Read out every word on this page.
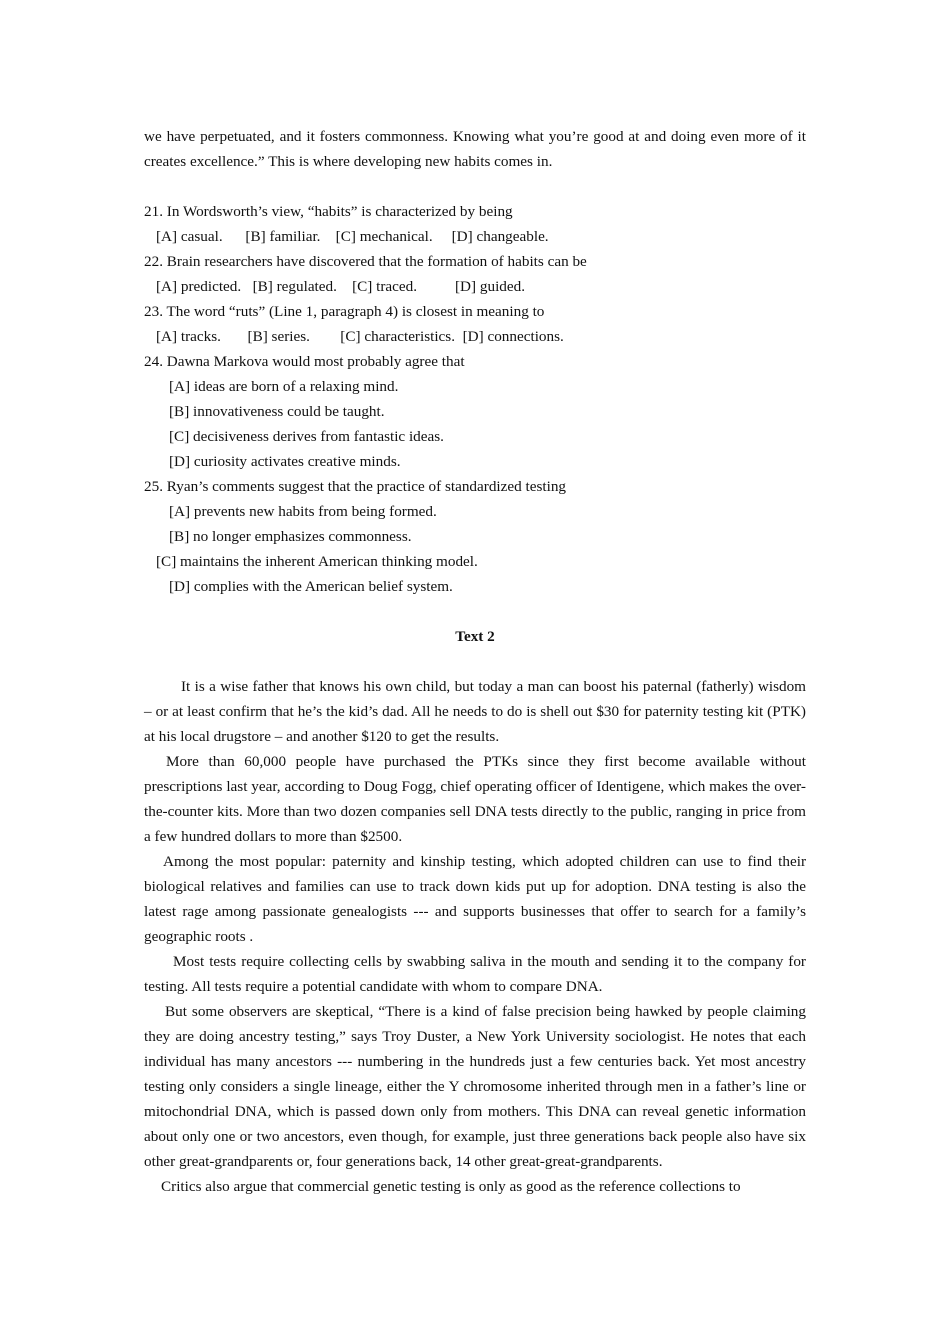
we have perpetuated, and it fosters commonness. Knowing what you’re good at and doing even more of it creates excellence.” This is where developing new habits comes in.

21. In Wordsworth’s view, “habits” is characterized by being

[A] casual.      [B] familiar.    [C] mechanical.     [D] changeable.

22. Brain researchers have discovered that the formation of habits can be

[A] predicted.   [B] regulated.    [C] traced.          [D] guided.

23. The word “ruts” (Line 1, paragraph 4) is closest in meaning to

[A] tracks.       [B] series.        [C] characteristics.  [D] connections.

24. Dawna Markova would most probably agree that

[A] ideas are born of a relaxing mind.

[B] innovativeness could be taught.

[C] decisiveness derives from fantastic ideas.

[D] curiosity activates creative minds.

25. Ryan’s comments suggest that the practice of standardized testing

[A] prevents new habits from being formed.

[B] no longer emphasizes commonness.

[C] maintains the inherent American thinking model.

[D] complies with the American belief system.

Text 2

It is a wise father that knows his own child, but today a man can boost his paternal (fatherly) wisdom – or at least confirm that he’s the kid’s dad. All he needs to do is shell out $30 for paternity testing kit (PTK) at his local drugstore – and another $120 to get the results.

More than 60,000 people have purchased the PTKs since they first become available without prescriptions last year, according to Doug Fogg, chief operating officer of Identigene, which makes the over-the-counter kits. More than two dozen companies sell DNA tests directly to the public, ranging in price from a few hundred dollars to more than $2500.

Among the most popular: paternity and kinship testing, which adopted children can use to find their biological relatives and families can use to track down kids put up for adoption. DNA testing is also the latest rage among passionate genealogists --- and supports businesses that offer to search for a family’s geographic roots .

Most tests require collecting cells by swabbing saliva in the mouth and sending it to the company for testing. All tests require a potential candidate with whom to compare DNA.

But some observers are skeptical, “There is a kind of false precision being hawked by people claiming they are doing ancestry testing,” says Troy Duster, a New York University sociologist. He notes that each individual has many ancestors --- numbering in the hundreds just a few centuries back. Yet most ancestry testing only considers a single lineage, either the Y chromosome inherited through men in a father’s line or mitochondrial DNA, which is passed down only from mothers. This DNA can reveal genetic information about only one or two ancestors, even though, for example, just three generations back people also have six other great-grandparents or, four generations back, 14 other great-great-grandparents.

Critics also argue that commercial genetic testing is only as good as the reference collections to
